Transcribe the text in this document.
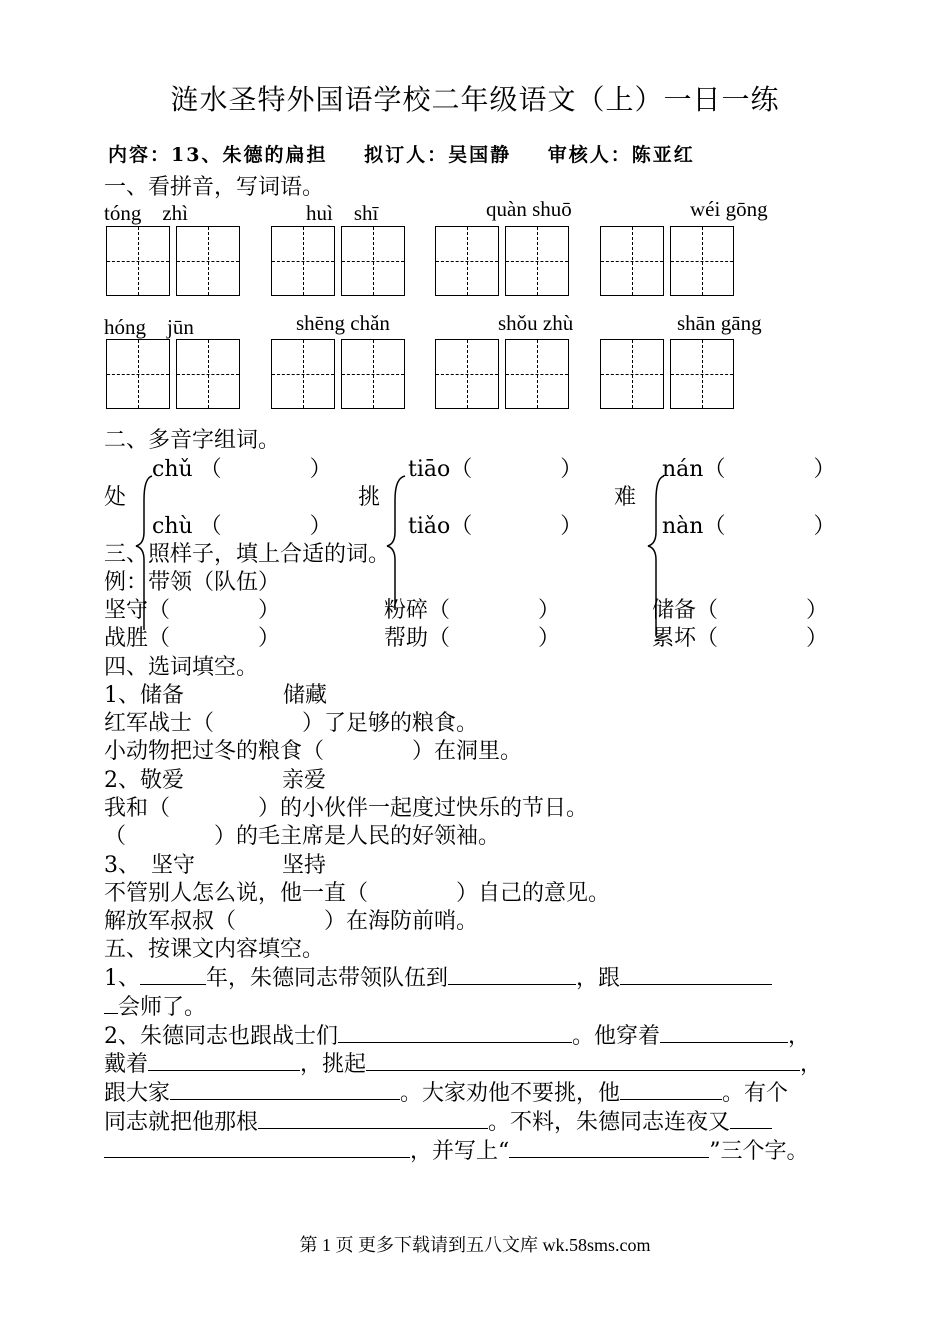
涟水圣特外国语学校二年级语文（上）一日一练
内容：13、朱德的扁担 拟订人：吴国静 审核人：陈亚红
一、看拼音，写词语。
tóng　zhì	huì　shī	quàn shuō	wéi gōng
hóng　jūn	shēng chǎn	shǒu zhù	shān gāng
二、多音字组词。
chǔ （　　　　）
处
chù （　　　　）
tiāo（　　　　）
挑
tiǎo（　　　　）
nán（　　　　）
难
nàn（　　　　）
三、照样子，填上合适的词。
例：带领（队伍）
坚守（　　　　）	粉碎（　　　　）	储备（　　　　）
战胜（　　　　）	帮助（　　　　）	累坏（　　　　）
四、选词填空。
1、储备	储藏
红军战士（　　　　）了足够的粮食。
小动物把过冬的粮食（　　　　）在洞里。
2、敬爱	亲爱
我和（　　　　）的小伙伴一起度过快乐的节日。
（　　　　）的毛主席是人民的好领袖。
3、　坚守	坚持
不管别人怎么说，他一直（　　　　）自己的意见。
解放军叔叔（　　　　）在海防前哨。
五、按课文内容填空。
1、	年，朱德同志带领队伍到	，跟
会师了。
2、朱德同志也跟战士们	。他穿着	，
戴着	，挑起	，
跟大家	。大家劝他不要挑，他	。有个
同志就把他那根	。不料，朱德同志连夜又
，并写上“	”三个字。
第 1 页 更多下载请到五八文库 wk.58sms.com
